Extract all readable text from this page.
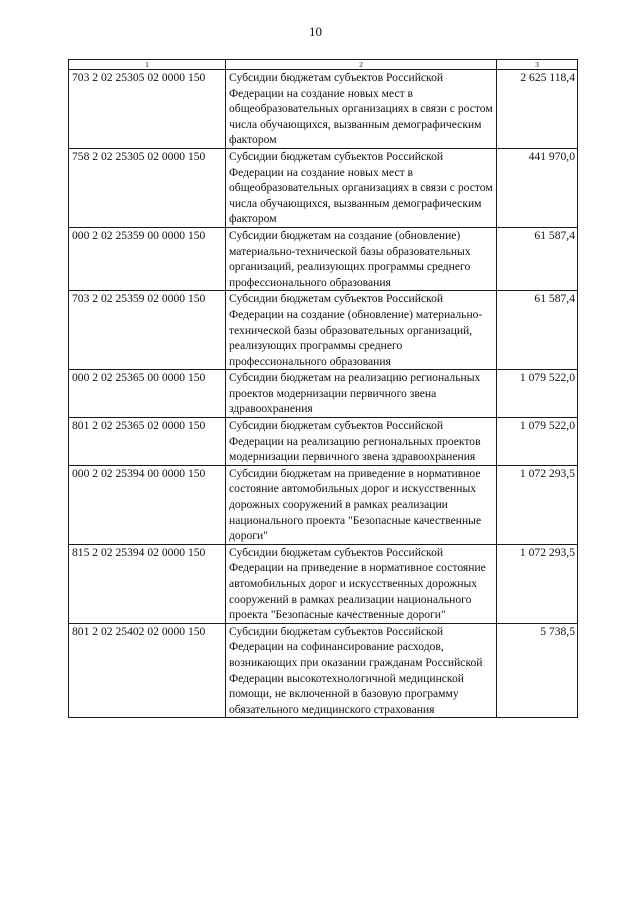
10
1	2	3
703 2 02 25305 02 0000 150	Субсидии бюджетам субъектов Российской Федерации на создание новых мест в общеобразовательных организациях в связи с ростом числа обучающихся, вызванным демографическим фактором	2 625 118,4
758 2 02 25305 02 0000 150	Субсидии бюджетам субъектов Российской Федерации на создание новых мест в общеобразовательных организациях в связи с ростом числа обучающихся, вызванным демографическим фактором	441 970,0
000 2 02 25359 00 0000 150	Субсидии бюджетам на создание (обновление) материально-технической базы образовательных организаций, реализующих программы среднего профессионального образования	61 587,4
703 2 02 25359 02 0000 150	Субсидии бюджетам субъектов Российской Федерации на создание (обновление) материально-технической базы образовательных организаций, реализующих программы среднего профессионального образования	61 587,4
000 2 02 25365 00 0000 150	Субсидии бюджетам на реализацию региональных проектов модернизации первичного звена здравоохранения	1 079 522,0
801 2 02 25365 02 0000 150	Субсидии бюджетам субъектов Российской Федерации на реализацию региональных проектов модернизации первичного звена здравоохранения	1 079 522,0
000 2 02 25394 00 0000 150	Субсидии бюджетам на приведение в нормативное состояние автомобильных дорог и искусственных дорожных сооружений в рамках реализации национального проекта "Безопасные качественные дороги"	1 072 293,5
815 2 02 25394 02 0000 150	Субсидии бюджетам субъектов Российской Федерации на приведение в нормативное состояние автомобильных дорог и искусственных дорожных сооружений в рамках реализации национального проекта "Безопасные качественные дороги"	1 072 293,5
801 2 02 25402 02 0000 150	Субсидии бюджетам субъектов Российской Федерации на софинансирование расходов, возникающих при оказании гражданам Российской Федерации высокотехнологичной медицинской помощи, не включенной в базовую программу обязательного медицинского страхования	5 738,5
